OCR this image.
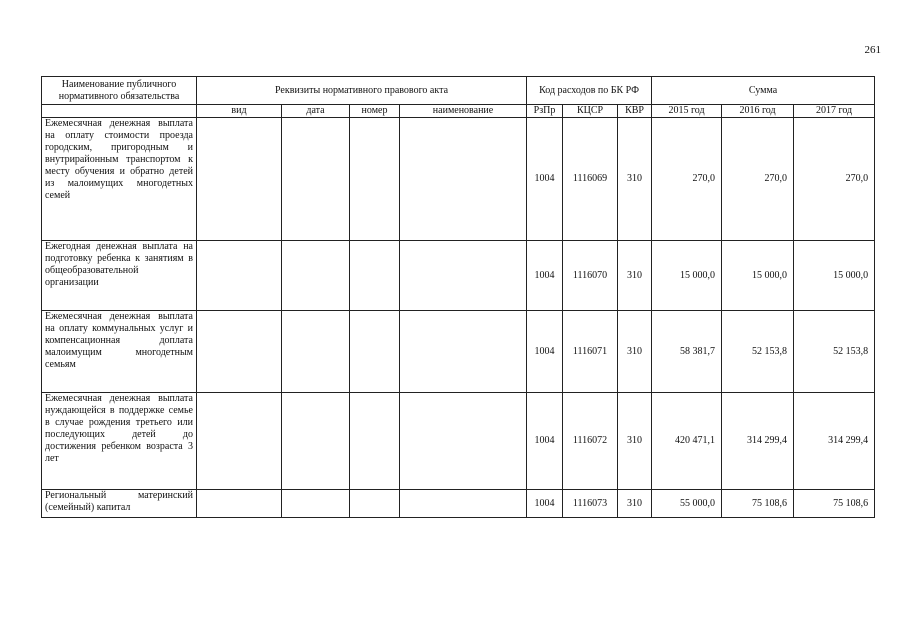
261
Наименование публичного нормативного обязательства	Реквизиты нормативного правового акта				Код расходов по БК РФ			Сумма		
	вид	дата	номер	наименование	РзПр	КЦСР	КВР	2015 год	2016 год	2017 год
Ежемесячная денежная выплата на оплату стоимости проезда городским, пригородным и внутрирайонным транспортом к месту обучения и обратно детей из малоимущих многодетных семей					1004	1116069	310	270,0	270,0	270,0
Ежегодная денежная выплата на подготовку ребенка к занятиям в общеобразовательной организации					1004	1116070	310	15 000,0	15 000,0	15 000,0
Ежемесячная денежная выплата на оплату коммунальных услуг и компенсационная доплата малоимущим многодетным семьям					1004	1116071	310	58 381,7	52 153,8	52 153,8
Ежемесячная денежная выплата нуждающейся в поддержке семье в случае рождения третьего или последующих детей до достижения ребенком возраста 3 лет					1004	1116072	310	420 471,1	314 299,4	314 299,4
Региональный материнский (семейный) капитал					1004	1116073	310	55 000,0	75 108,6	75 108,6
